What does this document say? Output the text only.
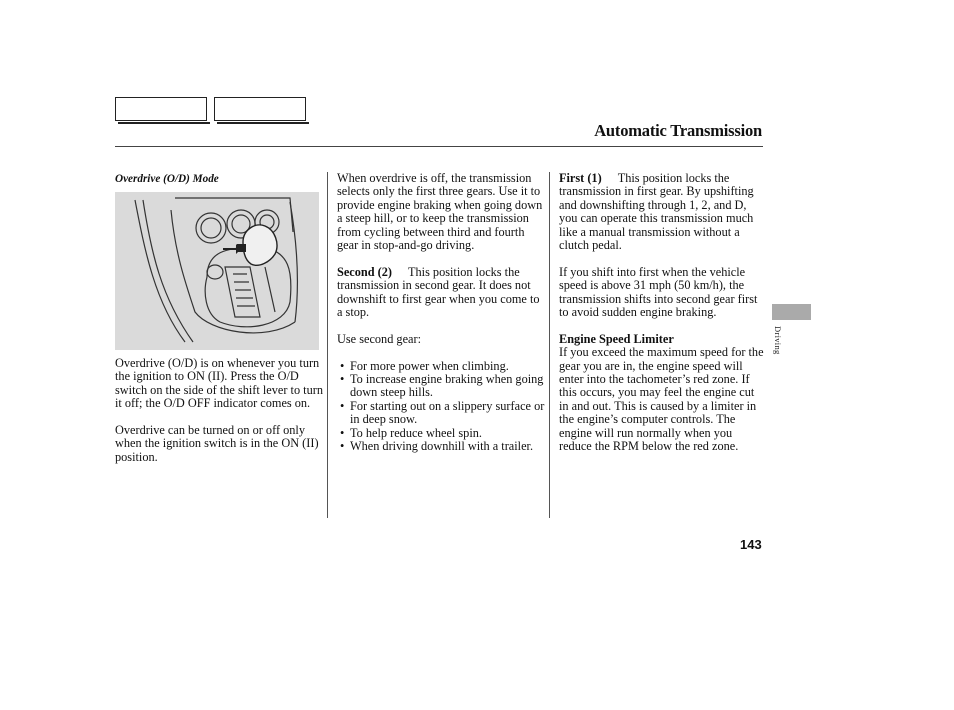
Automatic Transmission
Overdrive (O/D) Mode

Overdrive (O/D) is on whenever you turn the ignition to ON (II). Press the O/D switch on the side of the shift lever to turn it off; the O/D OFF indicator comes on.

Overdrive can be turned on or off only when the ignition switch is in the ON (II) position.

When overdrive is off, the transmission selects only the first three gears. Use it to provide engine braking when going down a steep hill, or to keep the transmission from cycling between third and fourth gear in stop-and-go driving.

Second (2) This position locks the transmission in second gear. It does not downshift to first gear when you come to a stop.

Use second gear:

• For more power when climbing.
• To increase engine braking when going down steep hills.
• For starting out on a slippery surface or in deep snow.
• To help reduce wheel spin.
• When driving downhill with a trailer.

First (1) This position locks the transmission in first gear. By upshifting and downshifting through 1, 2, and D, you can operate this transmission much like a manual transmission without a clutch pedal.

If you shift into first when the vehicle speed is above 31 mph (50 km/h), the transmission shifts into second gear first to avoid sudden engine braking.

Engine Speed Limiter
If you exceed the maximum speed for the gear you are in, the engine speed will enter into the tachometer’s red zone. If this occurs, you may feel the engine cut in and out. This is caused by a limiter in the engine’s computer controls. The engine will run normally when you reduce the RPM below the red zone.

Driving
143
